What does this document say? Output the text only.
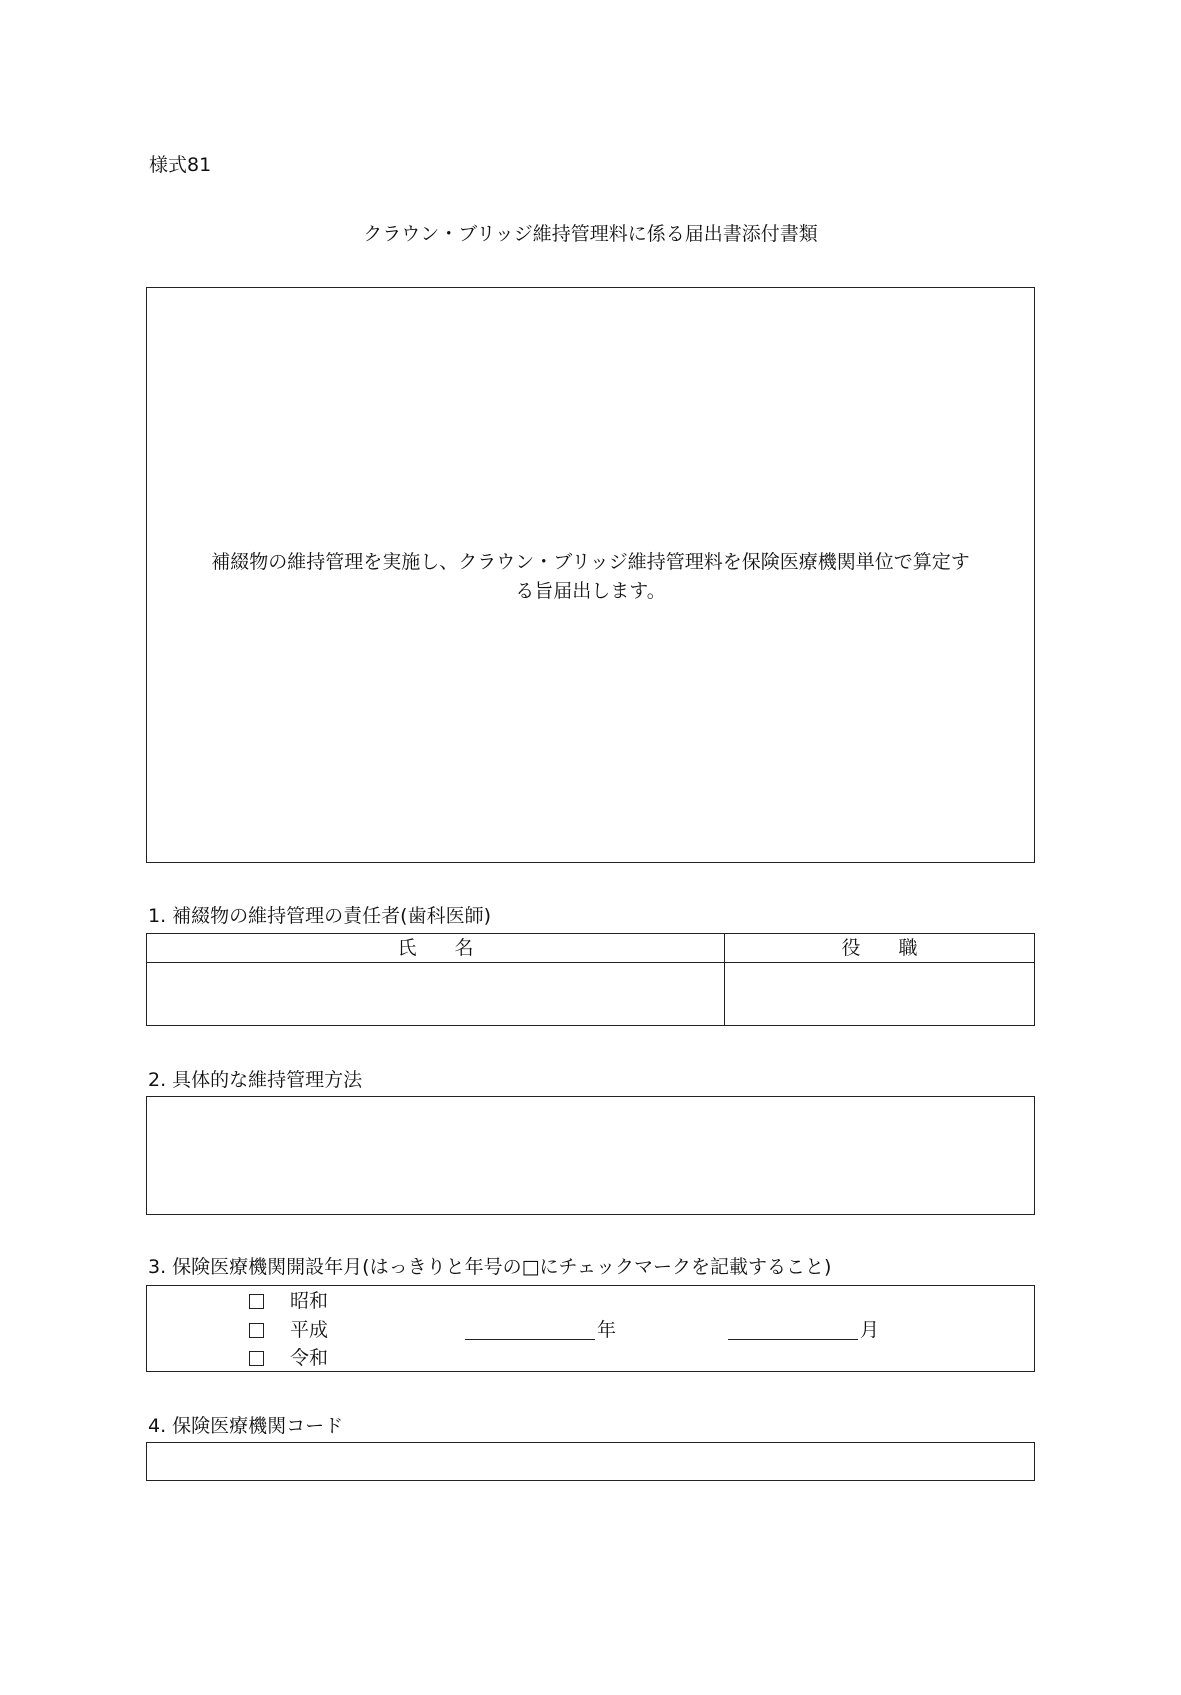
様式81
クラウン・ブリッジ維持管理料に係る届出書添付書類
補綴物の維持管理を実施し、クラウン・ブリッジ維持管理料を保険医療機関単位で算定す
る旨届出します。
1. 補綴物の維持管理の責任者(歯科医師)
氏　　名	役　　職
2. 具体的な維持管理方法
3. 保険医療機関開設年月(はっきりと年号の□にチェックマークを記載すること)
昭和
平成
令和
年	月
4. 保険医療機関コード
